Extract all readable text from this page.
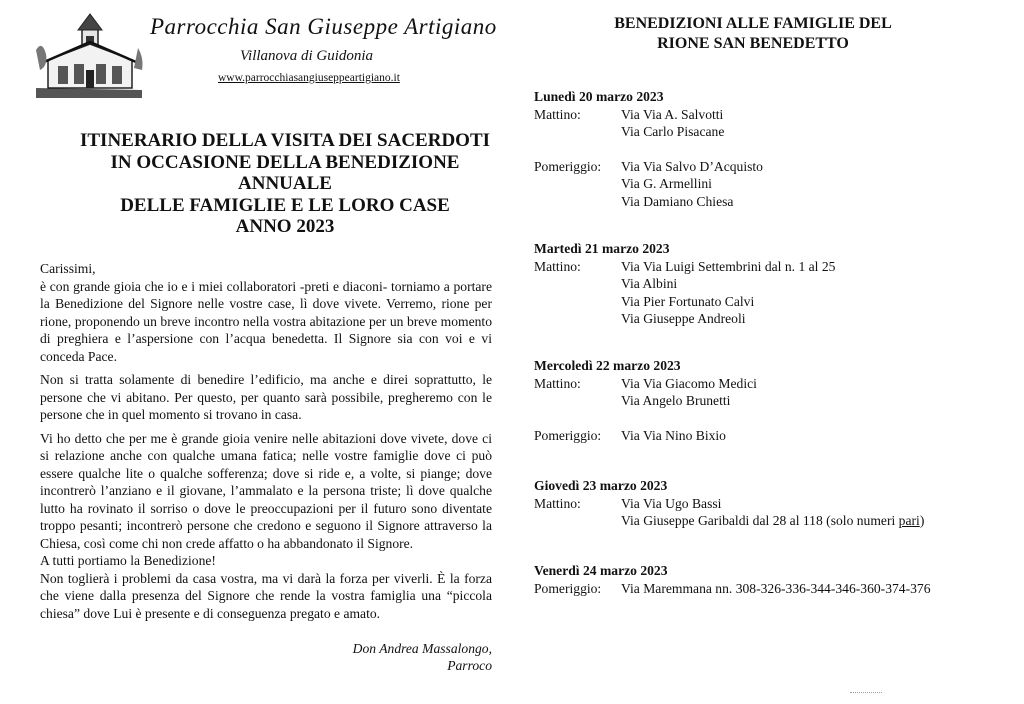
Parrocchia San Giuseppe Artigiano
Villanova di Guidonia
www.parrocchiasangiuseppeartigiano.it
ITINERARIO DELLA VISITA DEI SACERDOTI
IN OCCASIONE DELLA BENEDIZIONE
ANNUALE
DELLE FAMIGLIE E LE LORO CASE
ANNO 2023

Carissimi,

è con grande gioia che io e i miei collaboratori -preti e diaconi- torniamo a portare la Benedizione del Signore nelle vostre case, lì dove vivete. Verremo, rione per rione, proponendo un breve incontro nella vostra abitazione per un breve momento di preghiera e l’aspersione con l’acqua benedetta. Il Signore sia con voi e vi conceda Pace.

Non si tratta solamente di benedire l’edificio, ma anche e direi soprattutto, le persone che vi abitano. Per questo, per quanto sarà possibile, pregheremo con le persone che in quel momento si trovano in casa.

Vi ho detto che per me è grande gioia venire nelle abitazioni dove vivete, dove ci si relazione anche con qualche umana fatica; nelle vostre famiglie dove ci può essere qualche lite o qualche sofferenza; dove si ride e, a volte, si piange; dove incontrerò l’anziano e il giovane, l’ammalato e la persona triste; lì dove qualche lutto ha rovinato il sorriso o dove le preoccupazioni per il futuro sono diventate troppo pesanti; incontrerò persone che credono e seguono il Signore attraverso la Chiesa, così come chi non crede affatto o ha abbandonato il Signore.

A tutti portiamo la Benedizione!

Non toglierà i problemi da casa vostra, ma vi darà la forza per viverli. È la forza che viene dalla presenza del Signore che rende la vostra famiglia una “piccola chiesa” dove Lui è presente e di conseguenza pregato e amato.

Don Andrea Massalongo,
Parroco
BENEDIZIONI ALLE FAMIGLIE DEL
RIONE SAN BENEDETTO
Lunedì 20 marzo 2023
Mattino:	Via Via A. Salvotti
Via Carlo Pisacane
Pomeriggio:	Via Via Salvo D’Acquisto
Via G. Armellini
Via Damiano Chiesa
Martedì 21 marzo 2023
Mattino:	Via Via Luigi Settembrini dal n. 1 al 25
Via Albini
Via Pier Fortunato Calvi
Via Giuseppe Andreoli
Mercoledì 22 marzo 2023
Mattino:	Via Via Giacomo Medici
Via Angelo Brunetti
Pomeriggio:	Via Via Nino Bixio
Giovedì 23 marzo 2023
Mattino:	Via Via Ugo Bassi
Via Giuseppe Garibaldi dal 28 al 118 (solo numeri pari)
Venerdì 24 marzo 2023
Pomeriggio:	Via Maremmana nn. 308-326-336-344-346-360-374-376
